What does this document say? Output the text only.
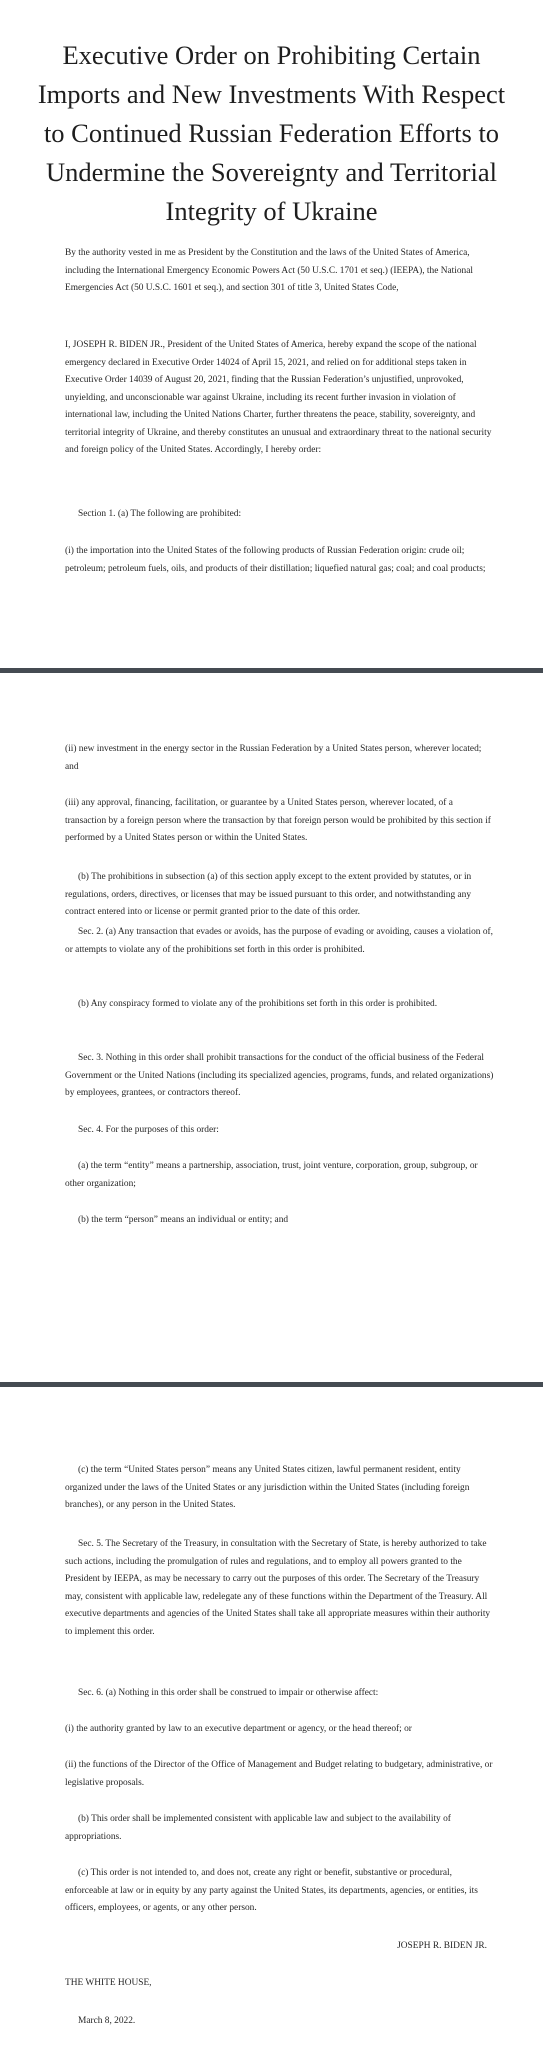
Executive Order on Prohibiting Certain Imports and New Investments With Respect to Continued Russian Federation Efforts to Undermine the Sovereignty and Territorial Integrity of Ukraine

By the authority vested in me as President by the Constitution and the laws of the United States of America, including the International Emergency Economic Powers Act (50 U.S.C. 1701 et seq.) (IEEPA), the National Emergencies Act (50 U.S.C. 1601 et seq.), and section 301 of title 3, United States Code,

I, JOSEPH R. BIDEN JR., President of the United States of America, hereby expand the scope of the national emergency declared in Executive Order 14024 of April 15, 2021, and relied on for additional steps taken in Executive Order 14039 of August 20, 2021, finding that the Russian Federation’s unjustified, unprovoked, unyielding, and unconscionable war against Ukraine, including its recent further invasion in violation of international law, including the United Nations Charter, further threatens the peace, stability, sovereignty, and territorial integrity of Ukraine, and thereby constitutes an unusual and extraordinary threat to the national security and foreign policy of the United States. Accordingly, I hereby order:

Section 1. (a) The following are prohibited:

(i) the importation into the United States of the following products of Russian Federation origin: crude oil; petroleum; petroleum fuels, oils, and products of their distillation; liquefied natural gas; coal; and coal products;

(ii) new investment in the energy sector in the Russian Federation by a United States person, wherever located; and

(iii) any approval, financing, facilitation, or guarantee by a United States person, wherever located, of a transaction by a foreign person where the transaction by that foreign person would be prohibited by this section if performed by a United States person or within the United States.

(b) The prohibitions in subsection (a) of this section apply except to the extent provided by statutes, or in regulations, orders, directives, or licenses that may be issued pursuant to this order, and notwithstanding any contract entered into or license or permit granted prior to the date of this order.

Sec. 2. (a) Any transaction that evades or avoids, has the purpose of evading or avoiding, causes a violation of, or attempts to violate any of the prohibitions set forth in this order is prohibited.

(b) Any conspiracy formed to violate any of the prohibitions set forth in this order is prohibited.

Sec. 3. Nothing in this order shall prohibit transactions for the conduct of the official business of the Federal Government or the United Nations (including its specialized agencies, programs, funds, and related organizations) by employees, grantees, or contractors thereof.

Sec. 4. For the purposes of this order:

(a) the term “entity” means a partnership, association, trust, joint venture, corporation, group, subgroup, or other organization;

(b) the term “person” means an individual or entity; and

(c) the term “United States person” means any United States citizen, lawful permanent resident, entity organized under the laws of the United States or any jurisdiction within the United States (including foreign branches), or any person in the United States.

Sec. 5. The Secretary of the Treasury, in consultation with the Secretary of State, is hereby authorized to take such actions, including the promulgation of rules and regulations, and to employ all powers granted to the President by IEEPA, as may be necessary to carry out the purposes of this order. The Secretary of the Treasury may, consistent with applicable law, redelegate any of these functions within the Department of the Treasury. All executive departments and agencies of the United States shall take all appropriate measures within their authority to implement this order.

Sec. 6. (a) Nothing in this order shall be construed to impair or otherwise affect:

(i) the authority granted by law to an executive department or agency, or the head thereof; or

(ii) the functions of the Director of the Office of Management and Budget relating to budgetary, administrative, or legislative proposals.

(b) This order shall be implemented consistent with applicable law and subject to the availability of appropriations.

(c) This order is not intended to, and does not, create any right or benefit, substantive or procedural, enforceable at law or in equity by any party against the United States, its departments, agencies, or entities, its officers, employees, or agents, or any other person.

JOSEPH R. BIDEN JR.

THE WHITE HOUSE,

March 8, 2022.
